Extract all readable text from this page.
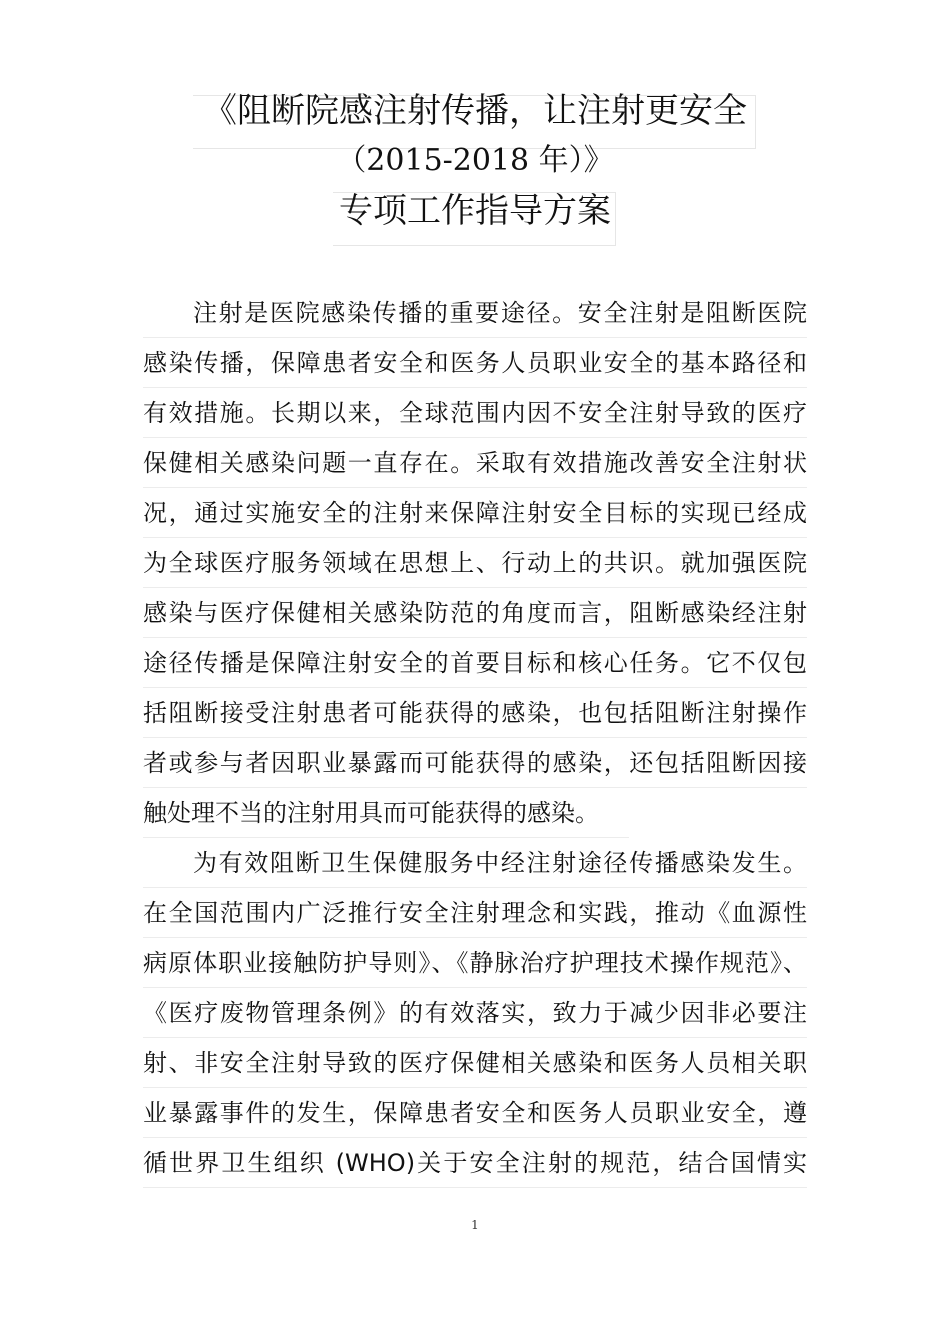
《阻断院感注射传播，让注射更安全
（2015-2018 年）》
专项工作指导方案
注射是医院感染传播的重要途径。安全注射是阻断医院
感染传播，保障患者安全和医务人员职业安全的基本路径和
有效措施。长期以来，全球范围内因不安全注射导致的医疗
保健相关感染问题一直存在。采取有效措施改善安全注射状
况，通过实施安全的注射来保障注射安全目标的实现已经成
为全球医疗服务领域在思想上、行动上的共识。就加强医院
感染与医疗保健相关感染防范的角度而言，阻断感染经注射
途径传播是保障注射安全的首要目标和核心任务。它不仅包
括阻断接受注射患者可能获得的感染，也包括阻断注射操作
者或参与者因职业暴露而可能获得的感染，还包括阻断因接
触处理不当的注射用具而可能获得的感染。
为有效阻断卫生保健服务中经注射途径传播感染发生。
在全国范围内广泛推行安全注射理念和实践，推动《血源性
病原体职业接触防护导则》、《静脉治疗护理技术操作规范》、
《医疗废物管理条例》的有效落实，致力于减少因非必要注
射、非安全注射导致的医疗保健相关感染和医务人员相关职
业暴露事件的发生，保障患者安全和医务人员职业安全，遵
循世界卫生组织 (WHO)关于安全注射的规范，结合国情实
1
